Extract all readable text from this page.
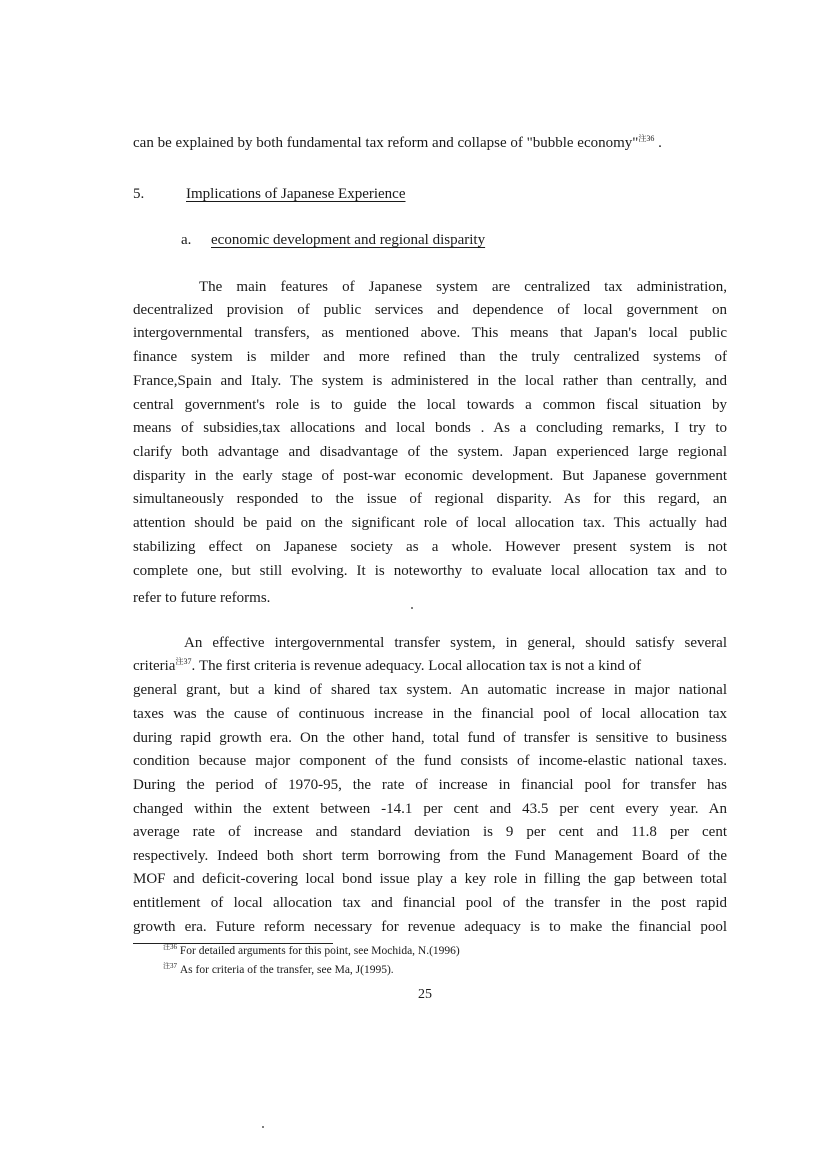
can be explained by both fundamental tax reform and collapse of "bubble economy"$^{注36}$ .
5.	Implications of Japanese Experience
a. economic development and regional disparity
The main features of Japanese system are centralized tax administration,
decentralized provision of public services and dependence of local government on
intergovernmental transfers, as mentioned above. This means that Japan's local public
finance system is milder and more refined than the truly centralized systems of
France,Spain and Italy. The system is administered in the local rather than centrally, and
central government's role is to guide the local towards a common fiscal situation by
means of subsidies,tax allocations and local bonds . As a concluding remarks, I try to
clarify both advantage and disadvantage of the system. Japan experienced large regional
disparity in the early stage of post-war economic development. But Japanese government
simultaneously responded to the issue of regional disparity. As for this regard, an
attention should be paid on the significant role of local allocation tax. This actually had
stabilizing effect on Japanese society as a whole. However present system is not
complete one, but still evolving. It is noteworthy to evaluate local allocation tax and to
refer to future reforms.
An effective intergovernmental transfer system, in general, should satisfy several
criteria$^{注37}$. The first criteria is revenue adequacy. Local allocation tax is not a kind of
general grant, but a kind of shared tax system. An automatic increase in major national
taxes was the cause of continuous increase in the financial pool of local allocation tax
during rapid growth era. On the other hand, total fund of transfer is sensitive to business
condition because major component of the fund consists of income-elastic national taxes.
During the period of 1970-95, the rate of increase in financial pool for transfer has
changed within the extent between -14.1 per cent and 43.5 per cent every year. An
average rate of increase and standard deviation is 9 per cent and 11.8 per cent
respectively. Indeed both short term borrowing from the Fund Management Board of the
MOF and deficit-covering local bond issue play a key role in filling the gap between total
entitlement of local allocation tax and financial pool of the transfer in the post rapid
growth era. Future reform necessary for revenue adequacy is to make the financial pool
$^{注36}$ For detailed arguments for this point, see Mochida, N.(1996)
$^{注37}$ As for criteria of the transfer, see Ma, J(1995).
25
